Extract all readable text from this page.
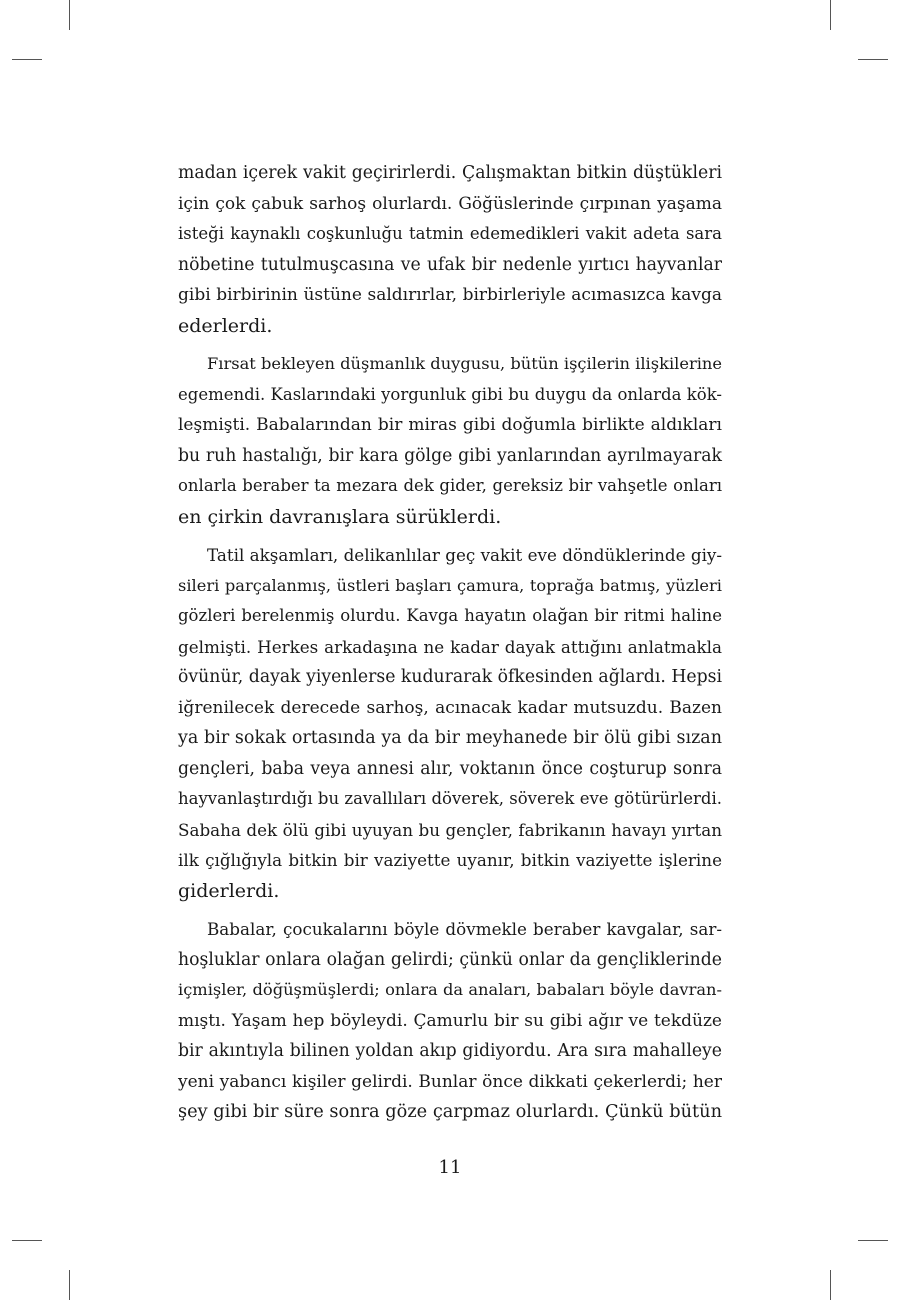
madan içerek vakit geçirirlerdi. Çalışmaktan bitkin düştükleri
için çok çabuk sarhoş olurlardı. Göğüslerinde çırpınan yaşama
isteği kaynaklı coşkunluğu tatmin edemedikleri vakit adeta sara
nöbetine tutulmuşcasına ve ufak bir nedenle yırtıcı hayvanlar
gibi birbirinin üstüne saldırırlar, birbirleriyle acımasızca kavga
ederlerdi.
Fırsat bekleyen düşmanlık duygusu, bütün işçilerin ilişkilerine
egemendi. Kaslarındaki yorgunluk gibi bu duygu da onlarda kök-
leşmişti. Babalarından bir miras gibi doğumla birlikte aldıkları
bu ruh hastalığı, bir kara gölge gibi yanlarından ayrılmayarak
onlarla beraber ta mezara dek gider, gereksiz bir vahşetle onları
en çirkin davranışlara sürüklerdi.
Tatil akşamları, delikanlılar geç vakit eve döndüklerinde giy-
sileri parçalanmış, üstleri başları çamura, toprağa batmış, yüzleri
gözleri berelenmiş olurdu. Kavga hayatın olağan bir ritmi haline
gelmişti. Herkes arkadaşına ne kadar dayak attığını anlatmakla
övünür, dayak yiyenlerse kudurarak öfkesinden ağlardı. Hepsi
iğrenilecek derecede sarhoş, acınacak kadar mutsuzdu. Bazen
ya bir sokak ortasında ya da bir meyhanede bir ölü gibi sızan
gençleri, baba veya annesi alır, voktanın önce coşturup sonra
hayvanlaştırdığı bu zavallıları döverek, söverek eve götürürlerdi.
Sabaha dek ölü gibi uyuyan bu gençler, fabrikanın havayı yırtan
ilk çığlığıyla bitkin bir vaziyette uyanır, bitkin vaziyette işlerine
giderlerdi.
Babalar, çocukalarını böyle dövmekle beraber kavgalar, sar-
hoşluklar onlara olağan gelirdi; çünkü onlar da gençliklerinde
içmişler, döğüşmüşlerdi; onlara da anaları, babaları böyle davran-
mıştı. Yaşam hep böyleydi. Çamurlu bir su gibi ağır ve tekdüze
bir akıntıyla bilinen yoldan akıp gidiyordu. Ara sıra mahalleye
yeni yabancı kişiler gelirdi. Bunlar önce dikkati çekerlerdi; her
şey gibi bir süre sonra göze çarpmaz olurlardı. Çünkü bütün
11
